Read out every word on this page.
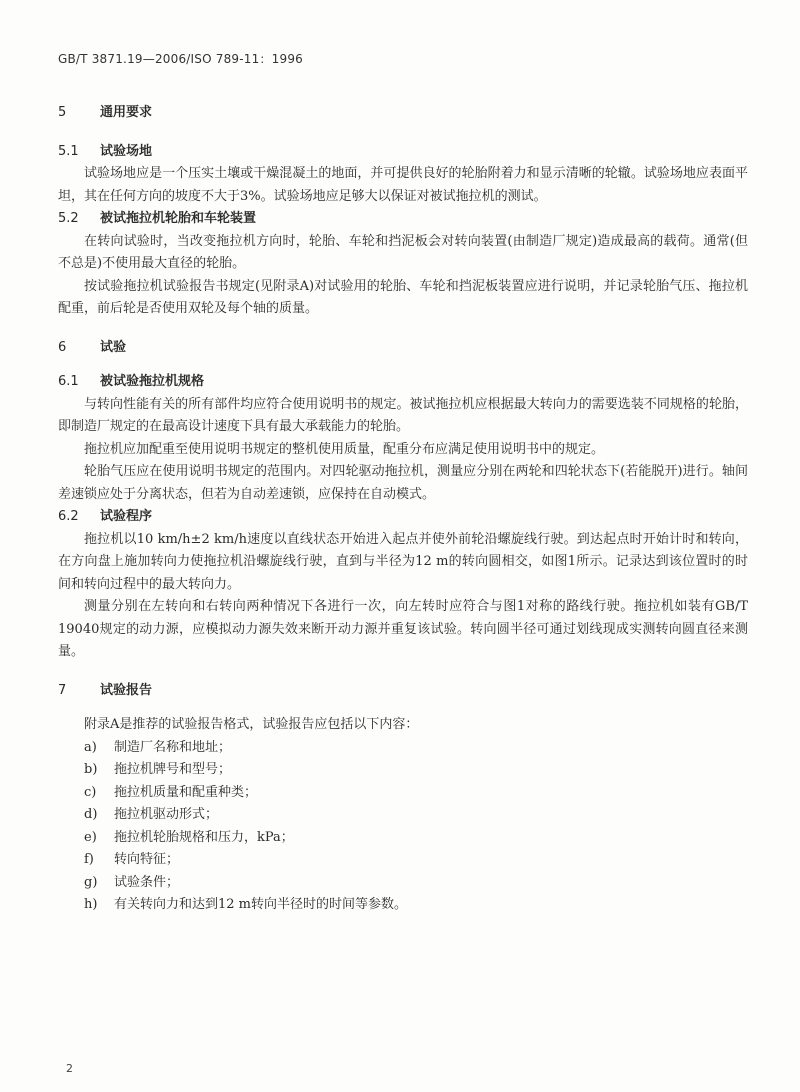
GB/T 3871.19—2006/ISO 789-11：1996
5	通用要求
5.1 试验场地

试验场地应是一个压实土壤或干燥混凝土的地面，并可提供良好的轮胎附着力和显示清晰的轮辙。试验场地应表面平坦，其在任何方向的坡度不大于3%。试验场地应足够大以保证对被试拖拉机的测试。

5.2 被试拖拉机轮胎和车轮装置

在转向试验时，当改变拖拉机方向时，轮胎、车轮和挡泥板会对转向装置(由制造厂规定)造成最高的载荷。通常(但不总是)不使用最大直径的轮胎。

按试验拖拉机试验报告书规定(见附录A)对试验用的轮胎、车轮和挡泥板装置应进行说明，并记录轮胎气压、拖拉机配重，前后轮是否使用双轮及每个轴的质量。

6	试验
6.1 被试验拖拉机规格

与转向性能有关的所有部件均应符合使用说明书的规定。被试拖拉机应根据最大转向力的需要选装不同规格的轮胎，即制造厂规定的在最高设计速度下具有最大承载能力的轮胎。

拖拉机应加配重至使用说明书规定的整机使用质量，配重分布应满足使用说明书中的规定。

轮胎气压应在使用说明书规定的范围内。对四轮驱动拖拉机，测量应分别在两轮和四轮状态下(若能脱开)进行。轴间差速锁应处于分离状态，但若为自动差速锁，应保持在自动模式。

6.2 试验程序

拖拉机以10 km/h±2 km/h速度以直线状态开始进入起点并使外前轮沿螺旋线行驶。到达起点时开始计时和转向，在方向盘上施加转向力使拖拉机沿螺旋线行驶，直到与半径为12 m的转向圆相交，如图1所示。记录达到该位置时的时间和转向过程中的最大转向力。

测量分别在左转向和右转向两种情况下各进行一次，向左转时应符合与图1对称的路线行驶。拖拉机如装有GB/T 19040规定的动力源，应模拟动力源失效来断开动力源并重复该试验。转向圆半径可通过划线现成实测转向圆直径来测量。

7	试验报告

附录A是推荐的试验报告格式，试验报告应包括以下内容：

a) 制造厂名称和地址；
b) 拖拉机牌号和型号；
c) 拖拉机质量和配重种类；
d) 拖拉机驱动形式；
e) 拖拉机轮胎规格和压力，kPa；
f) 转向特征；
g) 试验条件；
h) 有关转向力和达到12 m转向半径时的时间等参数。
2
